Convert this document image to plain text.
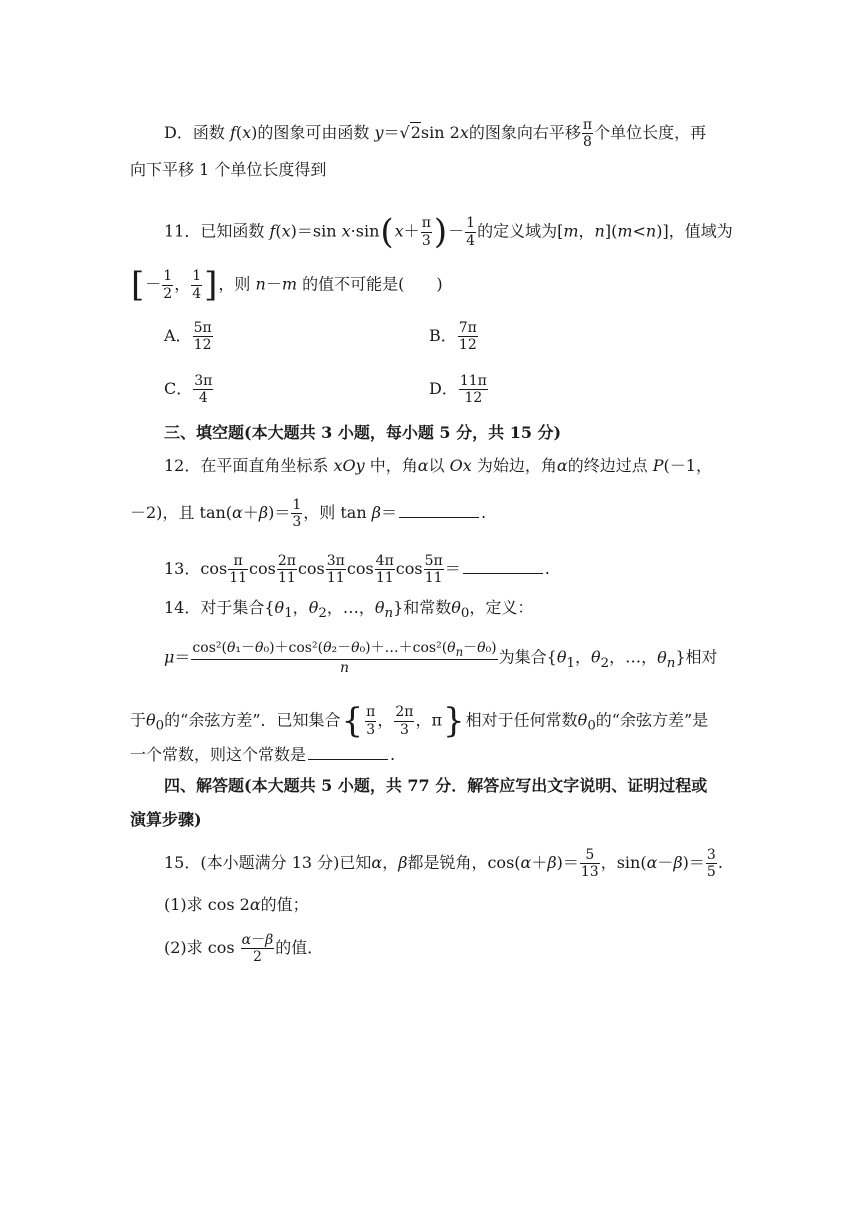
D．函数 f(x)的图象可由函数 y＝√2sin 2x的图象向右平移 $\frac{\pi}{8}$ 个单位长度，再
向下平移 1 个单位长度得到
11．已知函数 f(x)＝sin $x\cdot\sin(x+ \frac{\pi}{3}$ )－ $\frac{1}{4}$ 的定义域为[m，n](m<n)]，值域为
[－ $\frac{1}{2}$ ， $\frac{1}{4}$ ]，则 n－m 的值不可能是(　　)
A． $\frac{5\pi}{12}$	B． $\frac{7\pi}{12}$
C． $\frac{3\pi}{4}$	D． $\frac{11\pi}{12}$
三、填空题(本大题共 3 小题，每小题 5 分，共 15 分)
12．在平面直角坐标系 xOy 中，角α以 Ox 为始边，角α的终边过点 P(－1，
－2)，且 $\tan(\alpha+\beta)= \frac{1}{3}$ ，则 tan β＝	.
13．$\cos \frac{\pi}{11}$ $\cos \frac{2\pi}{11}$ $\cos \frac{3\pi}{11}$ $\cos \frac{4\pi}{11}$ $\cos \frac{5\pi}{11}$ ＝	.
14．对于集合{$\theta_1$，$\theta_2$，…，$\theta_n$}和常数$\theta_0$，定义：
$\mu= \frac{\cos^2(\theta_1-\theta_0)+\cos^2(\theta_2-\theta_0)+\dots+\cos^2(\theta_n-\theta_0)}{n}$ 为集合{$\theta_1$，$\theta_2$，…，$\theta_n$}相对
于$\theta_0$的“余弦方差”．已知集合{ $\frac{\pi}{3}$ ， $\frac{2\pi}{3}$ ，π}相对于任何常数$\theta_0$的“余弦方差”是
一个常数，则这个常数是	.
四、解答题(本大题共 5 小题，共 77 分．解答应写出文字说明、证明过程或
演算步骤)
15．(本小题满分 13 分)已知α，β都是锐角，$\cos(\alpha+\beta)= \frac{5}{13}$ ，$\sin(\alpha-\beta)= \frac{3}{5}$ .
(1)求 cos 2α的值；
(2)求 $\cos \frac{\alpha-\beta}{2}$ 的值．
